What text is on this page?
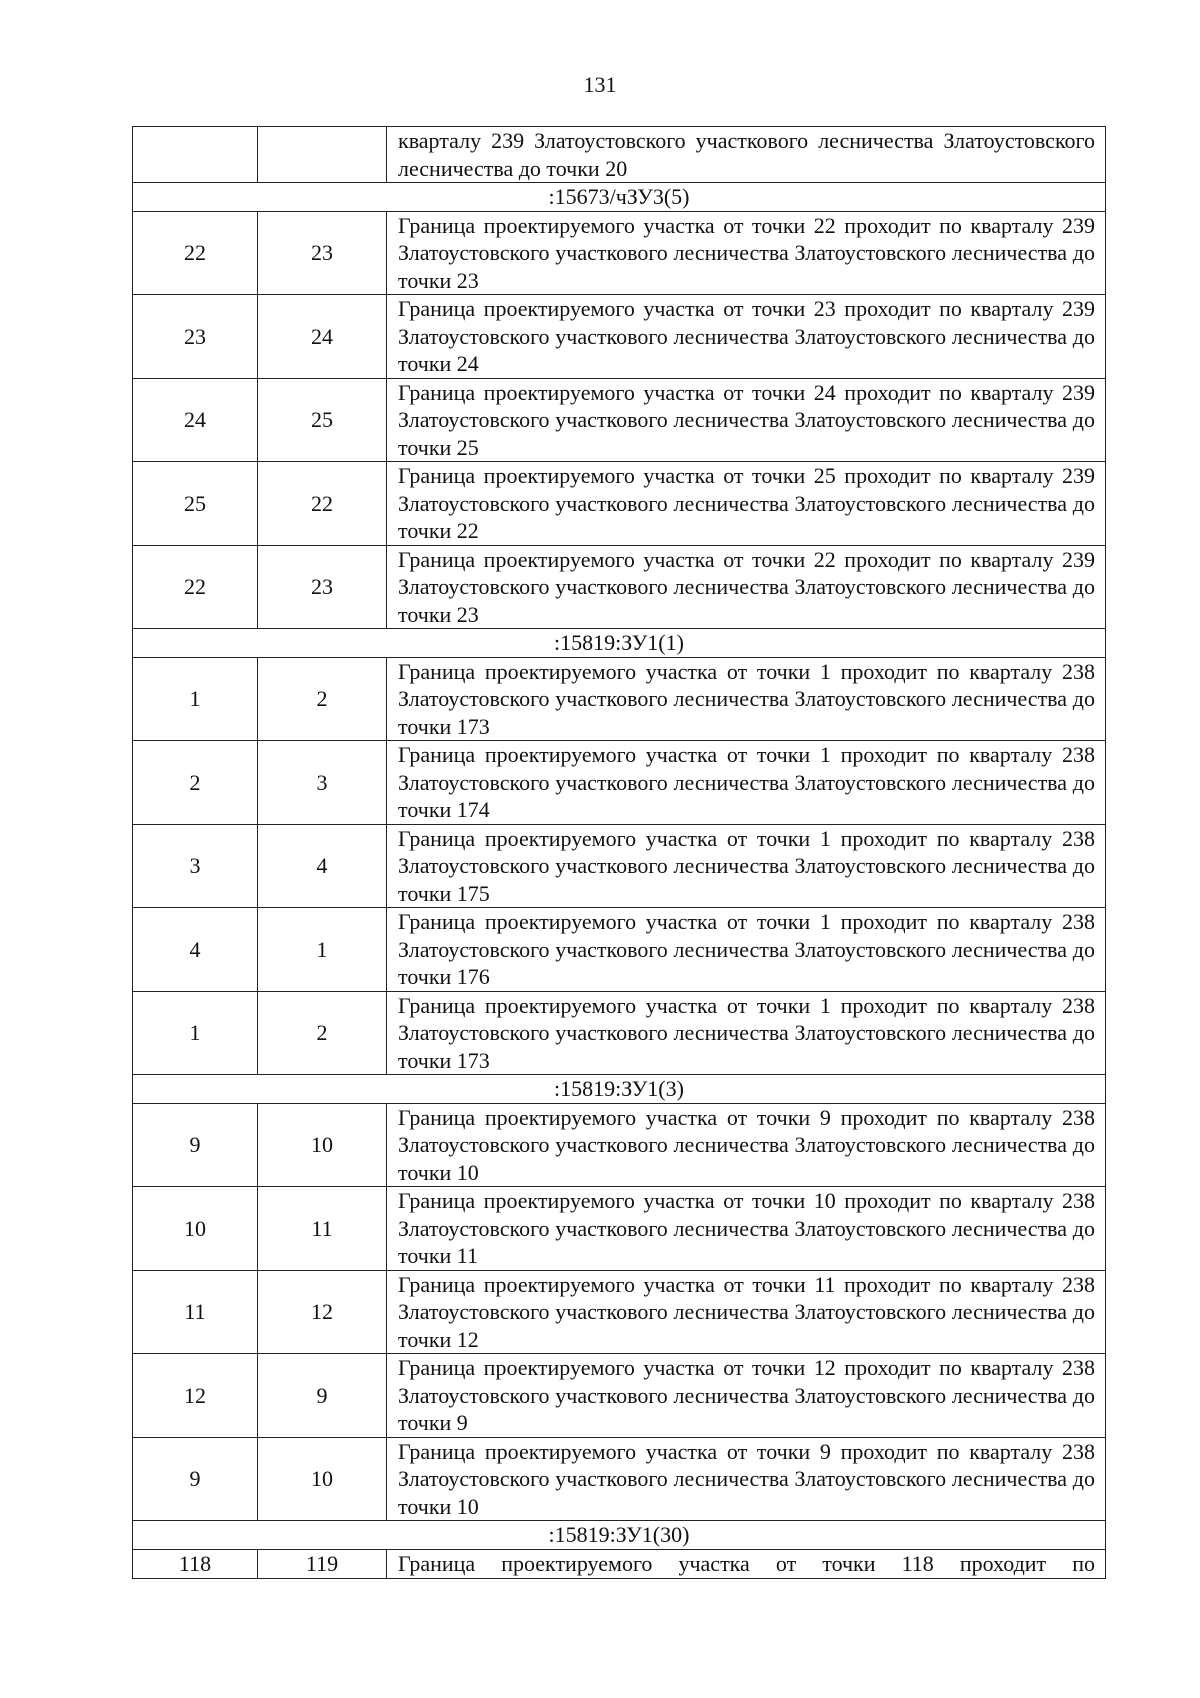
131
		кварталу 239 Златоустовского участкового лесничества Златоустовского лесничества до точки 20
:15673/чЗУ3(5)		
22	23	Граница проектируемого участка от точки 22 проходит по кварталу 239 Златоустовского участкового лесничества Златоустовского лесничества до точки 23
23	24	Граница проектируемого участка от точки 23 проходит по кварталу 239 Златоустовского участкового лесничества Златоустовского лесничества до точки 24
24	25	Граница проектируемого участка от точки 24 проходит по кварталу 239 Златоустовского участкового лесничества Златоустовского лесничества до точки 25
25	22	Граница проектируемого участка от точки 25 проходит по кварталу 239 Златоустовского участкового лесничества Златоустовского лесничества до точки 22
22	23	Граница проектируемого участка от точки 22 проходит по кварталу 239 Златоустовского участкового лесничества Златоустовского лесничества до точки 23
:15819:ЗУ1(1)		
1	2	Граница проектируемого участка от точки 1 проходит по кварталу 238 Златоустовского участкового лесничества Златоустовского лесничества до точки 173
2	3	Граница проектируемого участка от точки 1 проходит по кварталу 238 Златоустовского участкового лесничества Златоустовского лесничества до точки 174
3	4	Граница проектируемого участка от точки 1 проходит по кварталу 238 Златоустовского участкового лесничества Златоустовского лесничества до точки 175
4	1	Граница проектируемого участка от точки 1 проходит по кварталу 238 Златоустовского участкового лесничества Златоустовского лесничества до точки 176
1	2	Граница проектируемого участка от точки 1 проходит по кварталу 238 Златоустовского участкового лесничества Златоустовского лесничества до точки 173
:15819:ЗУ1(3)		
9	10	Граница проектируемого участка от точки 9 проходит по кварталу 238 Златоустовского участкового лесничества Златоустовского лесничества до точки 10
10	11	Граница проектируемого участка от точки 10 проходит по кварталу 238 Златоустовского участкового лесничества Златоустовского лесничества до точки 11
11	12	Граница проектируемого участка от точки 11 проходит по кварталу 238 Златоустовского участкового лесничества Златоустовского лесничества до точки 12
12	9	Граница проектируемого участка от точки 12 проходит по кварталу 238 Златоустовского участкового лесничества Златоустовского лесничества до точки 9
9	10	Граница проектируемого участка от точки 9 проходит по кварталу 238 Златоустовского участкового лесничества Златоустовского лесничества до точки 10
:15819:ЗУ1(30)		
118	119	Граница проектируемого участка от точки 118 проходит по
